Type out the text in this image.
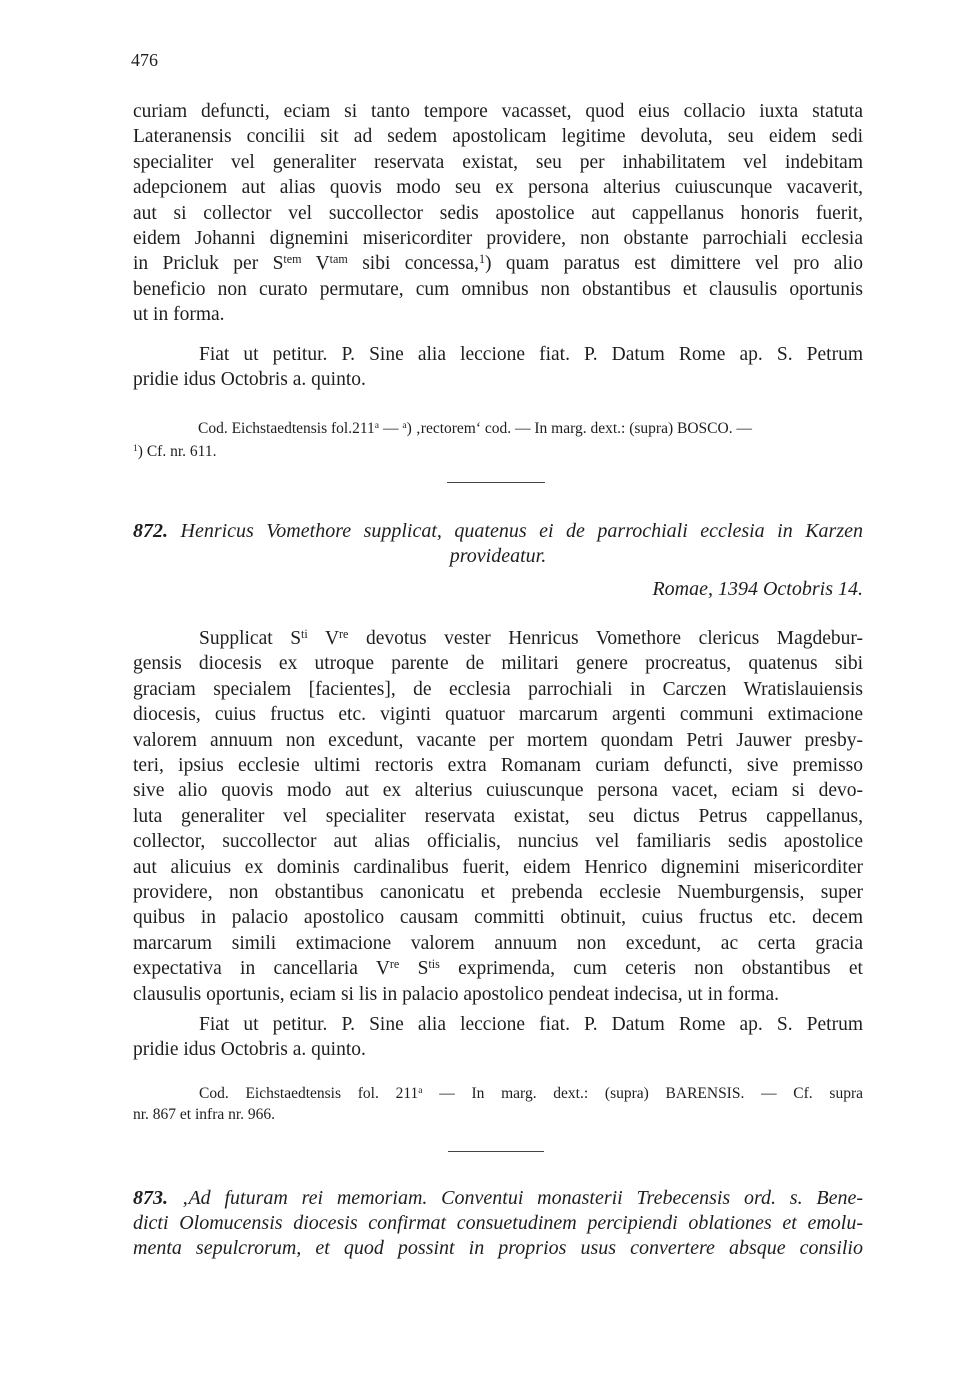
476
curiam defuncti, eciam si tanto tempore vacasset, quod eius collacio iuxta statuta
Lateranensis concilii sit ad sedem apostolicam legitime devoluta, seu eidem sedi
specialiter vel generaliter reservata existat, seu per inhabilitatem vel indebitam
adepcionem aut alias quovis modo seu ex persona alterius cuiuscunque vacaverit,
aut si collector vel succollector sedis apostolice aut cappellanus honoris fuerit,
eidem Johanni dignemini misericorditer providere, non obstante parrochiali ecclesia
in Pricluk per $S^{tem}$ $V^{tam}$ sibi concessa,$^1$) quam paratus est dimittere vel pro alio
beneficio non curato permutare, cum omnibus non obstantibus et clausulis oportunis
ut in forma.
Fiat ut petitur. P. Sine alia leccione fiat. P. Datum Rome ap. S. Petrum
pridie idus Octobris a. quinto.
Cod. Eichstaedtensis fol.211$^a$ — $^a$) ‚rectorem‘ cod. — In marg. dext.: (supra) BOSCO. —
$^1$) Cf. nr. 611.
872. Henricus Vomethore supplicat, quatenus ei de parrochiali ecclesia in Karzen
provideatur.
Romae, 1394 Octobris 14.
Supplicat $S^{ti}$ Vre devotus vester Henricus Vomethore clericus Magdebur-
gensis diocesis ex utroque parente de militari genere procreatus, quatenus sibi
graciam specialem [facientes], de ecclesia parrochiali in Carczen Wratislauiensis
diocesis, cuius fructus etc. viginti quatuor marcarum argenti communi extimacione
valorem annuum non excedunt, vacante per mortem quondam Petri Jauwer presby-
teri, ipsius ecclesie ultimi rectoris extra Romanam curiam defuncti, sive premisso
sive alio quovis modo aut ex alterius cuiuscunque persona vacet, eciam si devo-
luta generaliter vel specialiter reservata existat, seu dictus Petrus cappellanus,
collector, succollector aut alias officialis, nuncius vel familiaris sedis apostolice
aut alicuius ex dominis cardinalibus fuerit, eidem Henrico dignemini misericorditer
providere, non obstantibus canonicatu et prebenda ecclesie Nuemburgensis, super
quibus in palacio apostolico causam committi obtinuit, cuius fructus etc. decem
marcarum simili extimacione valorem annuum non excedunt, ac certa gracia
expectativa in cancellaria Vre $S^{tis}$ exprimenda, cum ceteris non obstantibus et
clausulis oportunis, eciam si lis in palacio apostolico pendeat indecisa, ut in forma.
Fiat ut petitur. P. Sine alia leccione fiat. P. Datum Rome ap. S. Petrum
pridie idus Octobris a. quinto.
Cod. Eichstaedtensis fol. 211$^a$ — In marg. dext.: (supra) BARENSIS. — Cf. supra
nr. 867 et infra nr. 966.
873. ‚Ad futuram rei memoriam. Conventui monasterii Trebecensis ord. s. Bene-
dicti Olomucensis diocesis confirmat consuetudinem percipiendi oblationes et emolu-
menta sepulcrorum, et quod possint in proprios usus convertere absque consilio
